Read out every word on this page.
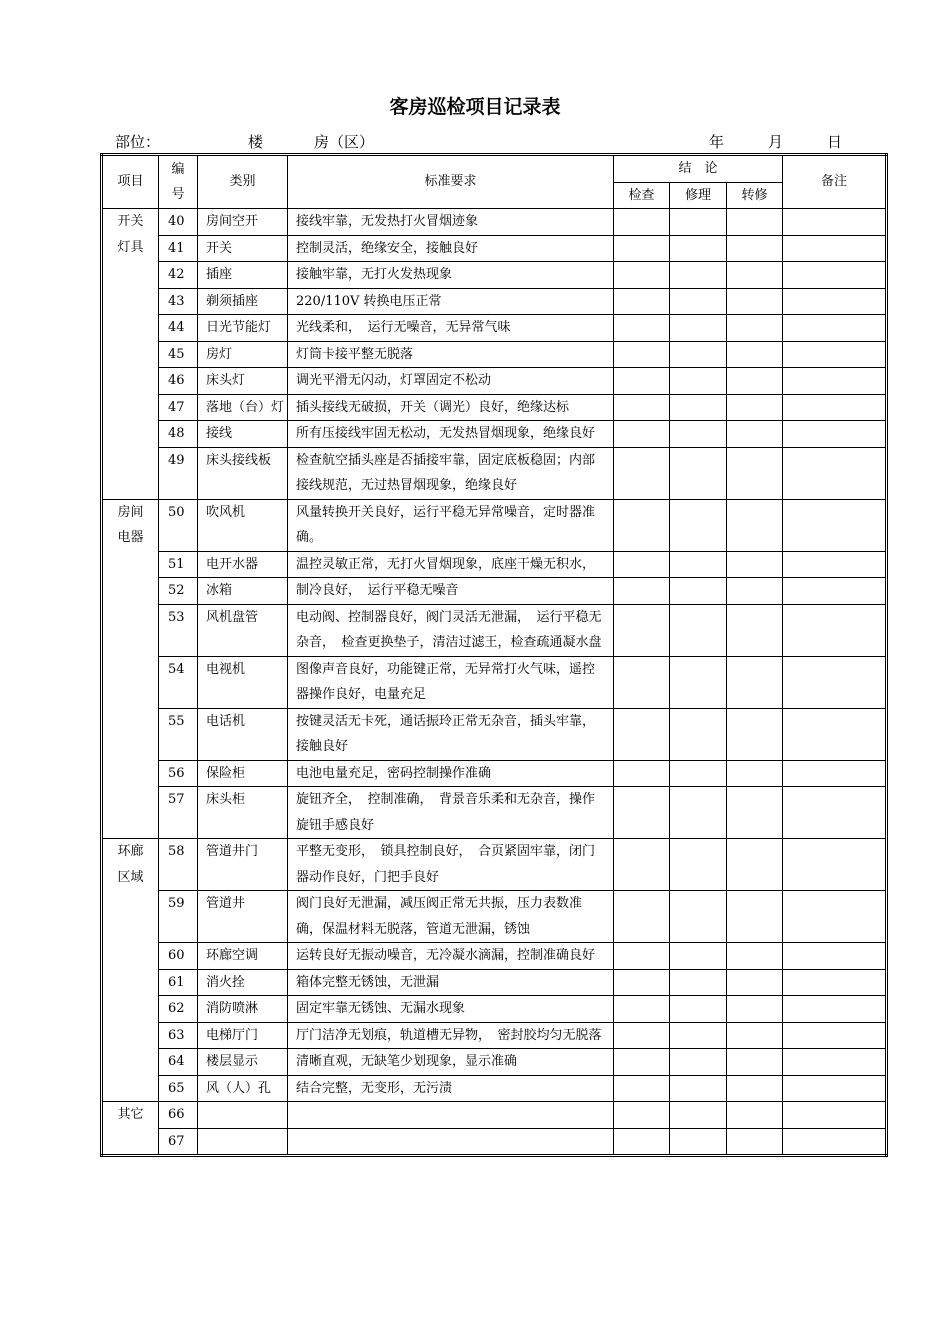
客房巡检项目记录表
部位：	楼	房（区）	年	月	日
项目	编号	类别	标准要求	结　论			备注
				检查	修理	转修	

开关
灯具	40	房间空开	接线牢靠，无发热打火冒烟迹象				
	41	开关	控制灵活，绝缘安全，接触良好				
	42	插座	接触牢靠，无打火发热现象				
	43	剃须插座	220/110V 转换电压正常				
	44	日光节能灯	光线柔和，　运行无噪音，无异常气味				
	45	房灯	灯筒卡接平整无脱落				
	46	床头灯	调光平滑无闪动，灯罩固定不松动				
	47	落地（台）灯	插头接线无破损，开关（调光）良好，绝缘达标				
	48	接线	所有压接线牢固无松动，无发热冒烟现象，绝缘良好				
	49	床头接线板	检查航空插头座是否插接牢靠，固定底板稳固；内部接线规范，无过热冒烟现象，绝缘良好				

房间
电器	50	吹风机	风量转换开关良好，运行平稳无异常噪音，定时器准确。				
	51	电开水器	温控灵敏正常，无打火冒烟现象，底座干燥无积水，				
	52	冰箱	制冷良好，　运行平稳无噪音				
	53	风机盘管	电动阀、控制器良好，阀门灵活无泄漏，　运行平稳无杂音，　检查更换垫子，清洁过滤王，检查疏通凝水盘				
	54	电视机	图像声音良好，功能键正常，无异常打火气味，遥控器操作良好，电量充足				
	55	电话机	按键灵活无卡死，通话振玲正常无杂音，插头牢靠，接触良好				
	56	保险柜	电池电量充足，密码控制操作准确				
	57	床头柜	旋钮齐全，　控制准确，　背景音乐柔和无杂音，操作旋钮手感良好				

环廊
区域	58	管道井门	平整无变形，　锁具控制良好，　合页紧固牢靠，闭门器动作良好，门把手良好				
	59	管道井	阀门良好无泄漏，减压阀正常无共振，压力表数准确，保温材料无脱落，管道无泄漏，锈蚀				
	60	环廊空调	运转良好无振动噪音，无冷凝水滴漏，控制准确良好				
	61	消火拴	箱体完整无锈蚀，无泄漏				
	62	消防喷淋	固定牢靠无锈蚀、无漏水现象				
	63	电梯厅门	厅门洁净无划痕，轨道槽无异物，　密封胶均匀无脱落				
	64	楼层显示	清晰直观，无缺笔少划现象，显示准确				
	65	风（人）孔	结合完整，无变形，无污渍				

其它	66						
	67						
